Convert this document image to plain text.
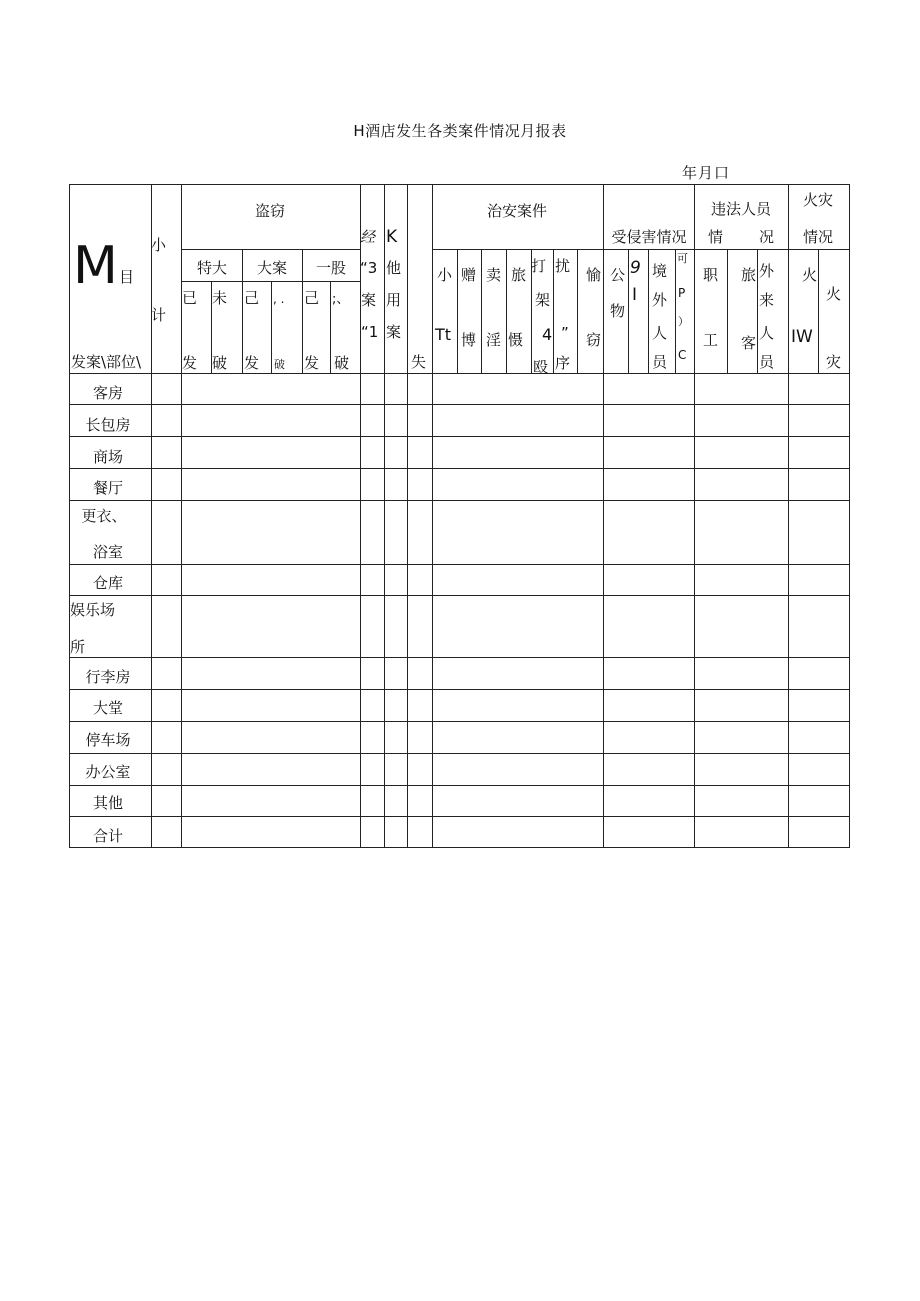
H酒店发生各类案件情况月报表
年月口
M 目
发案\部位\
小
计
盗窃
特大 大案 一股
已
发
未
破
己
发
, .
破
己
发
;、
破
经
“3
案
“1
K
他
用
案
失
治安案件
小
Tt
赠
博
卖
淫
旅
慑
打
架
4
殴
扰
”
序
愉
窃
受侵害情况
公
物
9
I
境
外
人
员
可
P
）
C
违法人员
情 况
职
工
旅
客
外
来
人
员
火灾
情况
火
IW
火
灾
客房
长包房
商场
餐厅
更衣、
浴室
仓库
娱乐场
所
行李房
大堂
停车场
办公室
其他
合计
